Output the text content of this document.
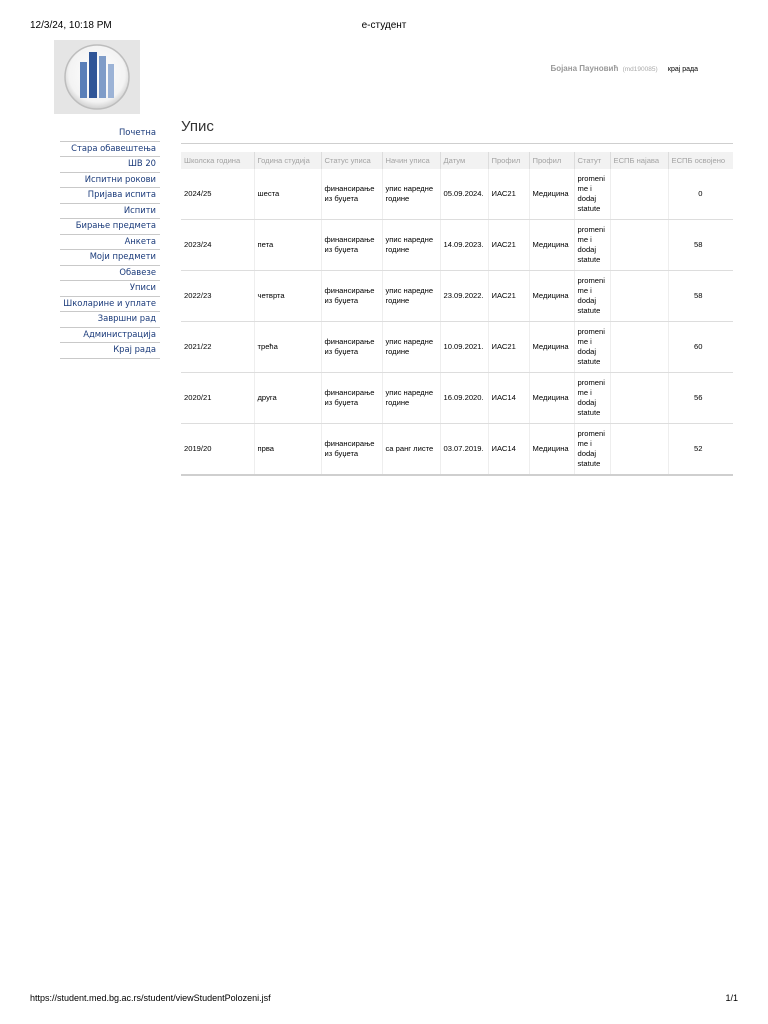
12/3/24, 10:18 PM	е-студент
Бојана Пауновић (md190085) крај рада
Почетна
Стара обавештења
ШВ 20
Испитни рокови
Пријава испита
Испити
Бирање предмета
Анкета
Моји предмети
Обавезе
Уписи
Школарине и уплате
Завршни рад
Администрација
Крај рада
Упис
Школска година	Година студија	Статус уписа	Начин уписа	Датум	Профил	Профил	Статут	ЕСПБ најава	ЕСПБ освојено
2024/25	шеста	финансирање из буџета	упис наредне године	05.09.2024.	ИАС21	Медицина	promeni me i dodaj statute		0
2023/24	пета	финансирање из буџета	упис наредне године	14.09.2023.	ИАС21	Медицина	promeni me i dodaj statute		58
2022/23	четврта	финансирање из буџета	упис наредне године	23.09.2022.	ИАС21	Медицина	promeni me i dodaj statute		58
2021/22	трећа	финансирање из буџета	упис наредне године	10.09.2021.	ИАС21	Медицина	promeni me i dodaj statute		60
2020/21	друга	финансирање из буџета	упис наредне године	16.09.2020.	ИАС14	Медицина	promeni me i dodaj statute		56
2019/20	прва	финансирање из буџета	са ранг листе	03.07.2019.	ИАС14	Медицина	promeni me i dodaj statute		52
https://student.med.bg.ac.rs/student/viewStudentPolozeni.jsf	1/1
